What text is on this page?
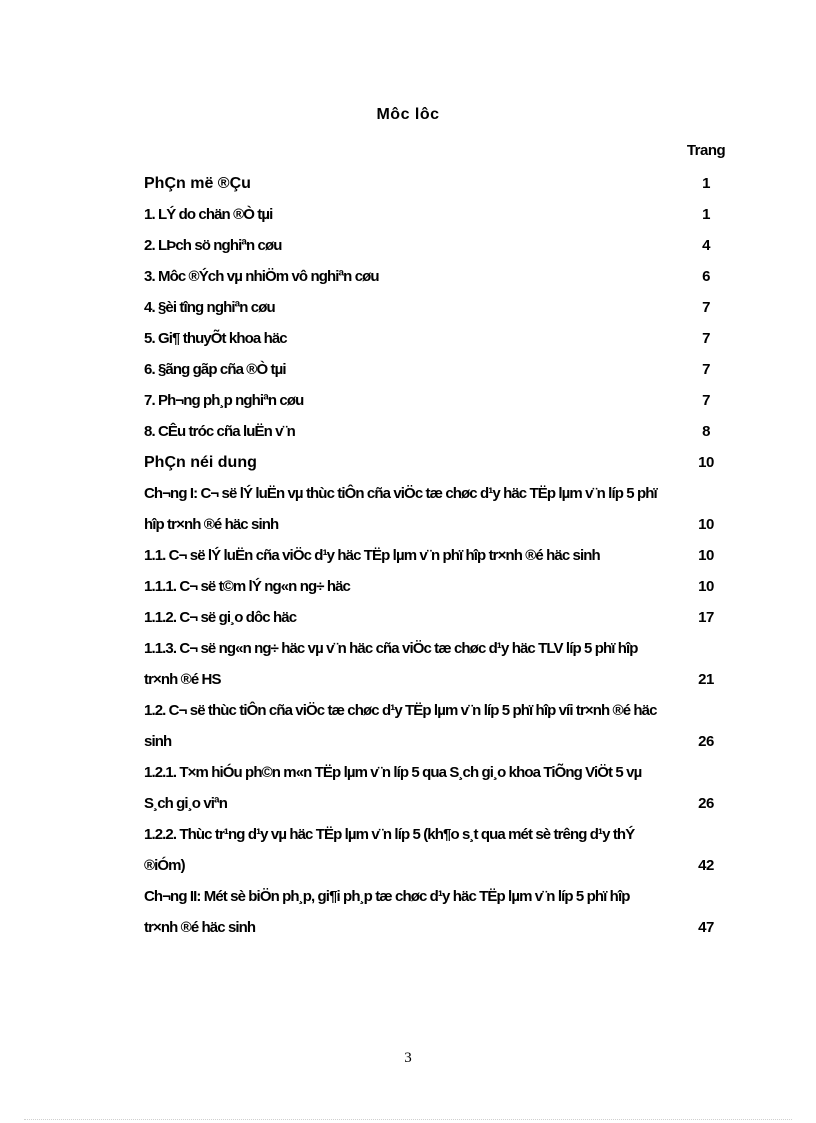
Môc lôc
Trang
PhÇn më ®Çu	1
1. LÝ do chän ®Ò tµi	1
2. LÞch sö nghiªn cøu	4
3. Môc ®Ých vµ nhiÖm vô nghiªn cøu	6
4. §èi tîng nghiªn cøu	7
5. Gi¶ thuyÕt khoa häc	7
6. §ãng gãp cña ®Ò tµi	7
7. Ph¬ng ph¸p nghiªn cøu	7
8. CÊu tróc cña luËn v¨n	8
PhÇn néi dung	10
Ch¬ng I: C¬ së lÝ luËn vµ thùc tiÔn cña viÖc tæ chøc d¹y häc TËp lµm v¨n líp 5 phï hîp tr×nh ®é häc sinh	10
1.1. C¬ së lÝ luËn cña viÖc d¹y häc TËp lµm v¨n phï hîp tr×nh ®é häc sinh	10
1.1.1. C¬ së t©m lÝ ng«n ng÷ häc	10
1.1.2. C¬ së gi¸o dôc häc	17
1.1.3. C¬ së ng«n ng÷ häc vµ v¨n häc cña viÖc tæ chøc d¹y häc TLV líp 5 phï hîp tr×nh ®é HS	21
1.2. C¬ së thùc tiÔn cña viÖc tæ chøc d¹y TËp lµm v¨n líp 5 phï hîp víi tr×nh ®é häc sinh	26
1.2.1. T×m hiÓu ph©n m«n TËp lµm v¨n líp 5 qua S¸ch gi¸o khoa TiÕng ViÖt 5 vµ S¸ch gi¸o viªn	26
1.2.2. Thùc tr¹ng d¹y vµ häc TËp lµm v¨n líp 5 (kh¶o s¸t qua mét sè trêng d¹y thÝ ®iÓm)	42
Ch¬ng II: Mét sè biÖn ph¸p, gi¶i ph¸p tæ chøc d¹y häc TËp lµm v¨n líp 5 phï hîp tr×nh ®é häc sinh	47
3
